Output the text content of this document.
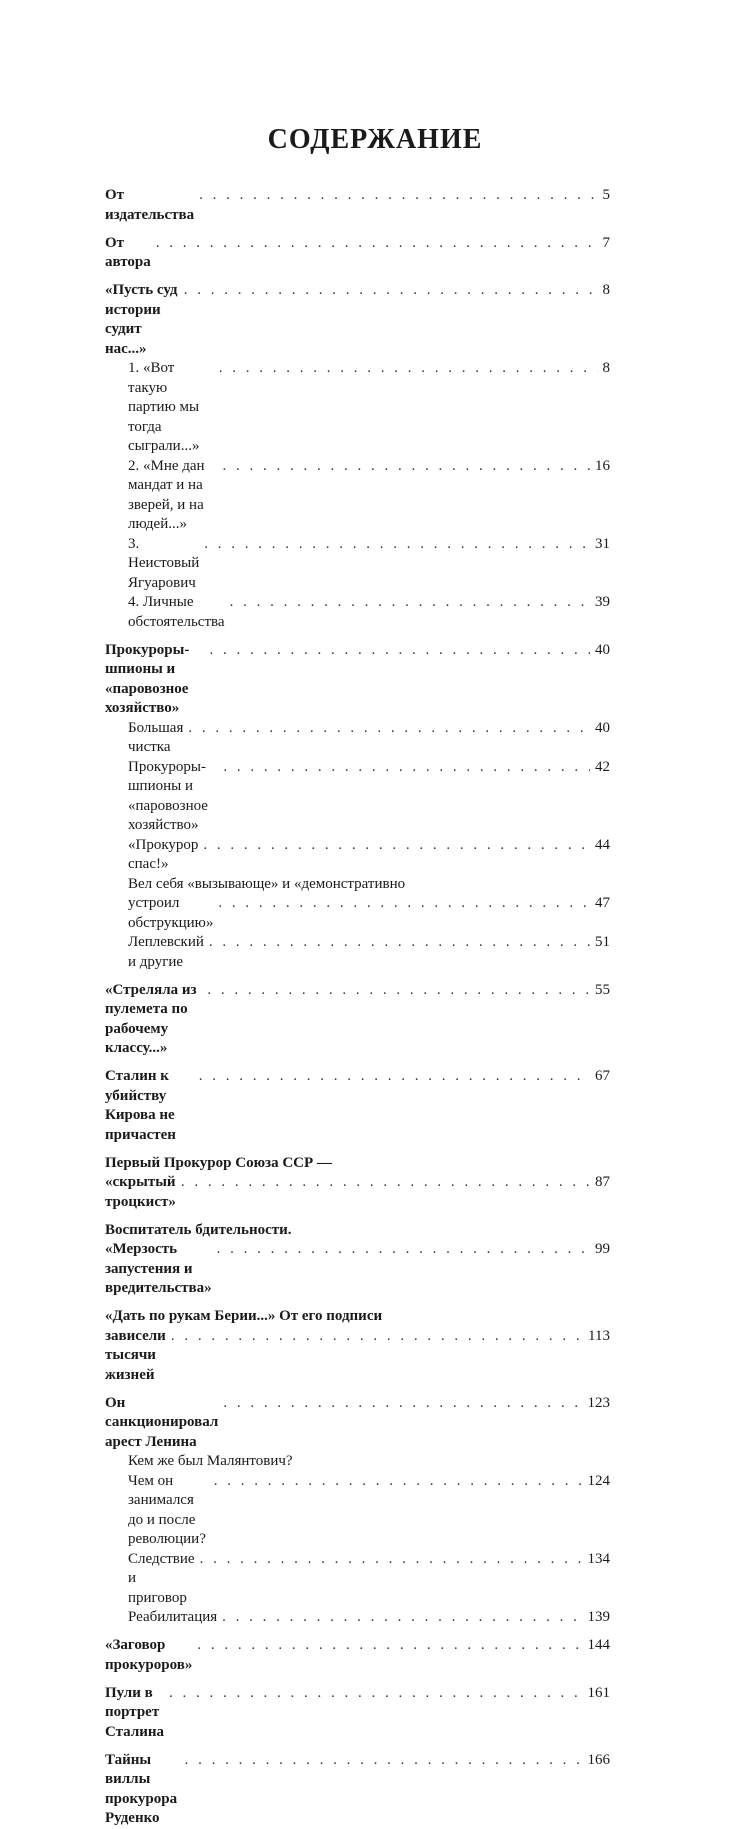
СОДЕРЖАНИЕ
От издательства
. . .
5
От автора
. . .
7
«Пусть суд истории судит нас...»
. . .
8
1. «Вот такую партию мы тогда сыграли...»
. . .
8
2. «Мне дан мандат и на зверей, и на людей...»
. . .
16
3. Неистовый Ягуарович
. . .
31
4. Личные обстоятельства
. . .
39
Прокуроры-шпионы и «паровозное хозяйство»
. . .
40
Большая чистка
. . .
40
Прокуроры-шпионы и «паровозное хозяйство»
. . .
42
«Прокурор спас!»
. . .
44
Вел себя «вызывающе» и «демонстративно
устроил обструкцию»
. . .
47
Леплевский и другие
. . .
51
«Стреляла из пулемета по рабочему классу...»
. . .
55
Сталин к убийству Кирова не причастен
. . .
67
Первый Прокурор Союза ССР —
«скрытый троцкист»
. . .
87
Воспитатель бдительности.
«Мерзость запустения и вредительства»
. . .
99
«Дать по рукам Берии...» От его подписи
зависели тысячи жизней
. . .
113
Он санкционировал арест Ленина
. . .
123
Кем же был Малянтович?
Чем он занимался до и после революции?
. . .
124
Следствие и приговор
. . .
134
Реабилитация
. . .	139
«Заговор прокуроров»
. . .
144
Пули в портрет Сталина
. . .
161
Тайны виллы прокурора Руденко
. . .
166
